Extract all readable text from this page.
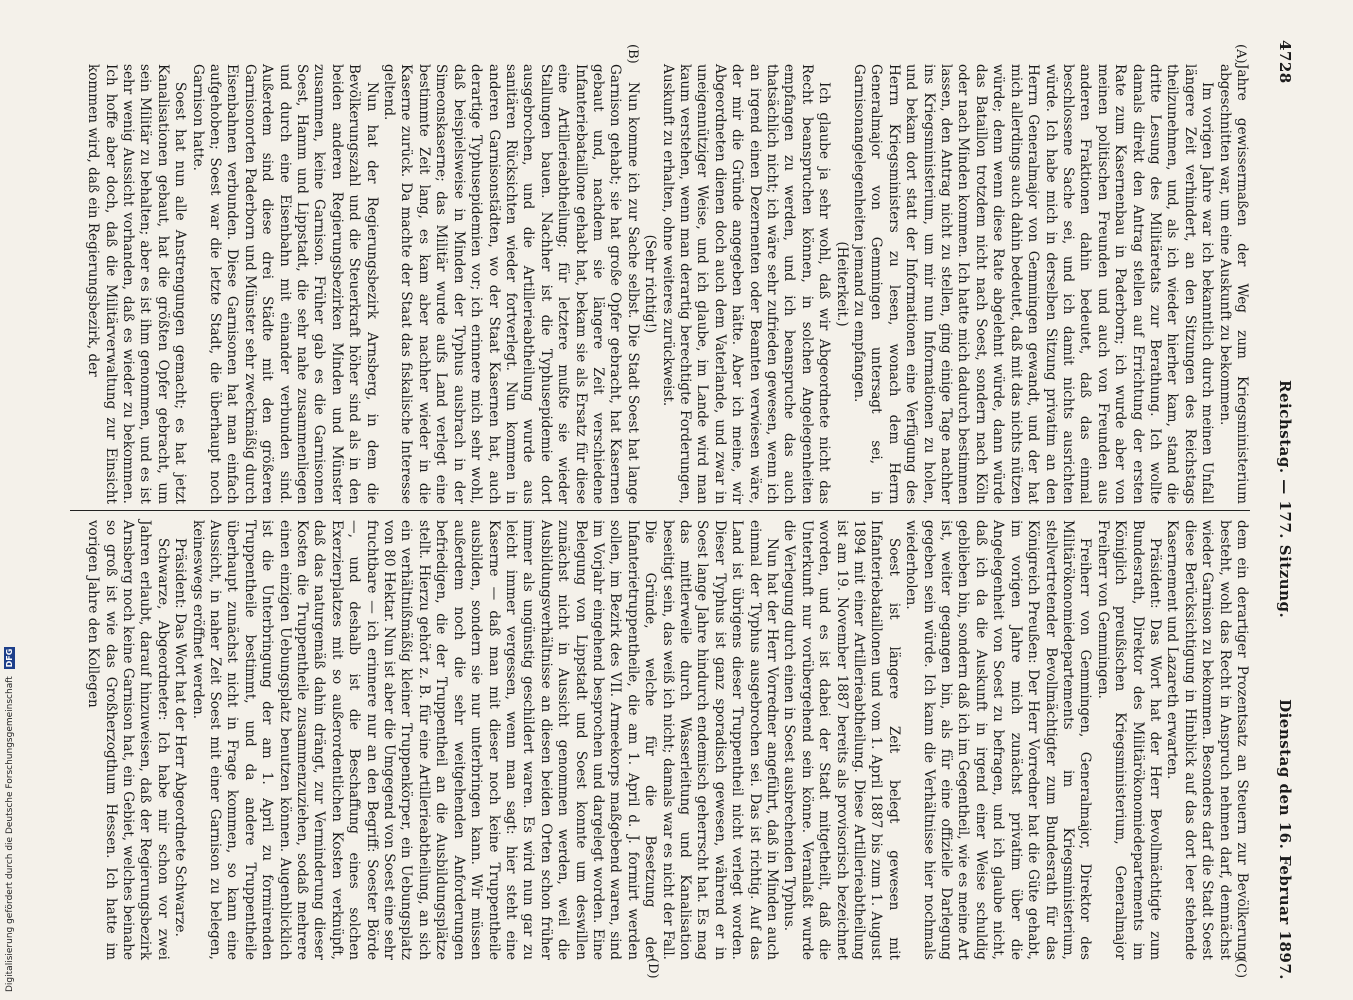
4728
Reichstag. — 177. Sitzung.
Dienstag den 16. Februar 1897.
(A)
(B)
(C)
(D)

Jahre gewissermaßen der Weg zum Kriegsministerium abgeschnitten war, um eine Auskunft zu bekommen.

Im vorigen Jahre war ich bekanntlich durch meinen Unfall längere Zeit verhindert, an den Sitzungen des Reichstags theilzunehmen, und, als ich wieder hierher kam, stand die dritte Lesung des Militäretats zur Berathung. Ich wollte damals direkt den Antrag stellen auf Errichtung der ersten Rate zum Kasernenbau in Paderborn; ich wurde aber von meinen politischen Freunden und auch von Freunden aus anderen Fraktionen dahin bedeutet, daß das einmal beschlossene Sache sei, und ich damit nichts ausrichten würde. Ich habe mich in derselben Sitzung privatim an den Herrn Generalmajor von Gemmingen gewandt, und der hat mich allerdings auch dahin bedeutet, daß mit das nichts nützen würde; denn wenn diese Rate abgelehnt würde, dann würde das Bataillon trotzdem nicht nach Soest, sondern nach Köln oder nach Minden kommen. Ich hatte mich dadurch bestimmen lassen, den Antrag nicht zu stellen, ging einige Tage nachher ins Kriegsministerium, um mir nun Informationen zu holen, und bekam dort statt der Informationen eine Verfügung des Herrn Kriegsministers zu lesen, wonach dem Herrn Generalmajor von Gemmingen untersagt sei, in Garnisonangelegenheiten jemand zu empfangen.

(Heiterkeit.)

Ich glaube ja sehr wohl, daß wir Abgeordnete nicht das Recht beanspruchen können, in solchen Angelegenheiten empfangen zu werden, und ich beanspruche das auch thatsächlich nicht; ich wäre sehr zufrieden gewesen, wenn ich an irgend einen Dezernenten oder Beamten verwiesen wäre, der mir die Gründe angegeben hätte. Aber ich meine, wir Abgeordneten dienen doch auch dem Vaterlande, und zwar in uneigennütziger Weise, und ich glaube, im Lande wird man kaum verstehen, wenn man derartig berechtigte Forderungen, Auskunft zu erhalten, ohne weiteres zurückweist.

(Sehr richtig!)

Nun komme ich zur Sache selbst. Die Stadt Soest hat lange Garnison gehabt; sie hat große Opfer gebracht, hat Kasernen gebaut und, nachdem sie längere Zeit verschiedene Infanteriebataillone gehabt hat, bekam sie als Ersatz für diese eine Artillerieabtheilung; für letztere mußte sie wieder Stallungen bauen. Nachher ist die Typhusepidemie dort ausgebrochen, und die Artillerieabtheilung wurde aus sanitären Rücksichten wieder fortverlegt. Nun kommen in anderen Garnisonstädten, wo der Staat Kasernen hat, auch derartige Typhusepidemien vor; ich erinnere mich sehr wohl, daß beispielsweise in Minden der Typhus ausbrach in der Simeonskaserne; das Militär wurde aufs Land verlegt eine bestimmte Zeit lang, es kam aber nachher wieder in die Kaserne zurück. Da machte der Staat das fiskalische Interesse geltend.

Nun hat der Regierungsbezirk Arnsberg, in dem die Bevölkerungszahl und die Steuerkraft höher sind als in den beiden anderen Regierungsbezirken Minden und Münster zusammen, keine Garnison. Früher gab es die Garnisonen Soest, Hamm und Lippstadt, die sehr nahe zusammenliegen und durch eine Eisenbahn mit einander verbunden sind. Außerdem sind diese drei Städte mit den größeren Garnisonorten Paderborn und Münster sehr zweckmäßig durch Eisenbahnen verbunden. Diese Garnisonen hat man einfach aufgehoben; Soest war die letzte Stadt, die überhaupt noch Garnison hatte.

Soest hat nun alle Anstrengungen gemacht; es hat jetzt Kanalisationen gebaut, hat die größten Opfer gebracht, um sein Militär zu behalten; aber es ist ihm genommen, und es ist sehr wenig Aussicht vorhanden, daß es wieder zu bekommen. Ich hoffe aber doch, daß die Militärverwaltung zur Einsicht kommen wird, daß ein Regierungsbezirk, der

dem ein derartiger Prozentsatz an Steuern zur Bevölkerung besteht, wohl das Recht in Anspruch nehmen darf, demnächst wieder Garnison zu bekommen. Besonders darf die Stadt Soest diese Berücksichtigung in Hinblick auf das dort leer stehende Kasernement und Lazareth erwarten.

Präsident: Das Wort hat der Herr Bevollmächtigte zum Bundesrath, Direktor des Militärökonomiedepartements im Königlich preußischen Kriegsministerium, Generalmajor Freiherr von Gemmingen.

Freiherr von Gemmingen, Generalmajor, Direktor des Militärökonomiedepartements im Kriegsministerium, stellvertretender Bevollmächtigter zum Bundesrath für das Königreich Preußen: Der Herr Vorredner hat die Güte gehabt, im vorigen Jahre mich zunächst privatim über die Angelegenheit von Soest zu befragen, und ich glaube nicht, daß ich da die Auskunft in irgend einer Weise schuldig geblieben bin, sondern daß ich im Gegentheil, wie es meine Art ist, weiter gegangen bin, als für eine offizielle Darlegung gegeben sein würde. Ich kann die Verhältnisse hier nochmals wiederholen.

Soest ist längere Zeit belegt gewesen mit Infanteriebataillonen und vom 1. April 1887 bis zum 1. August 1894 mit einer Artillerieabtheilung. Diese Artillerieabtheilung ist am 19. November 1887 bereits als provisorisch bezeichnet worden, und es ist dabei der Stadt mitgetheilt, daß die Unterkunft nur vorübergehend sein könne. Veranlaßt wurde die Verlegung durch einen in Soest ausbrechenden Typhus.

Nun hat der Herr Vorredner angeführt, daß in Minden auch einmal der Typhus ausgebrochen sei. Das ist richtig. Auf das Land ist übrigens dieser Truppentheil nicht verlegt worden. Dieser Typhus ist ganz sporadisch gewesen, während er in Soest lange Jahre hindurch endemisch geherrscht hat. Es mag das mittlerweile durch Wasserleitung und Kanalisation beseitigt sein, das weiß ich nicht; damals war es nicht der Fall. Die Gründe, welche für die Besetzung der Infanterietruppentheile, die am 1. April d. J. formirt werden sollen, im Bezirk des VII. Armeekorps maßgebend waren, sind im Vorjahr eingehend besprochen und dargelegt worden. Eine Belegung von Lippstadt und Soest konnte um deswillen zunächst nicht in Aussicht genommen werden, weil die Ausbildungsverhältnisse an diesen beiden Orten schon früher immer als ungünstig geschildert waren. Es wird nun gar zu leicht immer vergessen, wenn man sagt: hier steht eine Kaserne — daß man mit dieser noch keine Truppentheile ausbilden, sondern sie nur unterbringen kann. Wir müssen außerdem noch die sehr weitgehenden Anforderungen befriedigen, die der Truppentheil an die Ausbildungsplätze stellt. Hierzu gehört z. B. für eine Artillerieabtheilung, an sich ein verhältnißmäßig kleiner Truppenkörper, ein Uebungsplatz von 80 Hektar. Nun ist aber die Umgegend von Soest eine sehr fruchtbare — ich erinnere nur an den Begriff: Soester Börde —, und deshalb ist die Beschaffung eines solchen Exerzierplatzes mit so außerordentlichen Kosten verknüpft, daß das naturgemäß dahin drängt, zur Verminderung dieser Kosten die Truppentheile zusammenzuziehen, sodaß mehrere einen einzigen Uebungsplatz benutzen können. Augenblicklich ist die Unterbringung der am 1. April zu formirenden Truppentheile bestimmt, und da andere Truppentheile überhaupt zunächst nicht in Frage kommen, so kann eine Aussicht, in naher Zeit Soest mit einer Garnison zu belegen, keineswegs eröffnet werden.

Präsident: Das Wort hat der Herr Abgeordnete Schwarze.

Schwarze, Abgeordneter: Ich habe mir schon vor zwei Jahren erlaubt, darauf hinzuweisen, daß der Regierungsbezirk Arnsberg noch keine Garnison hat, ein Gebiet, welches beinahe so groß ist wie das Großherzogthum Hessen. Ich hatte im vorigen Jahre den Kollegen

Digitalisierung gefördert durch die Deutsche Forschungsgemeinschaft DFG
